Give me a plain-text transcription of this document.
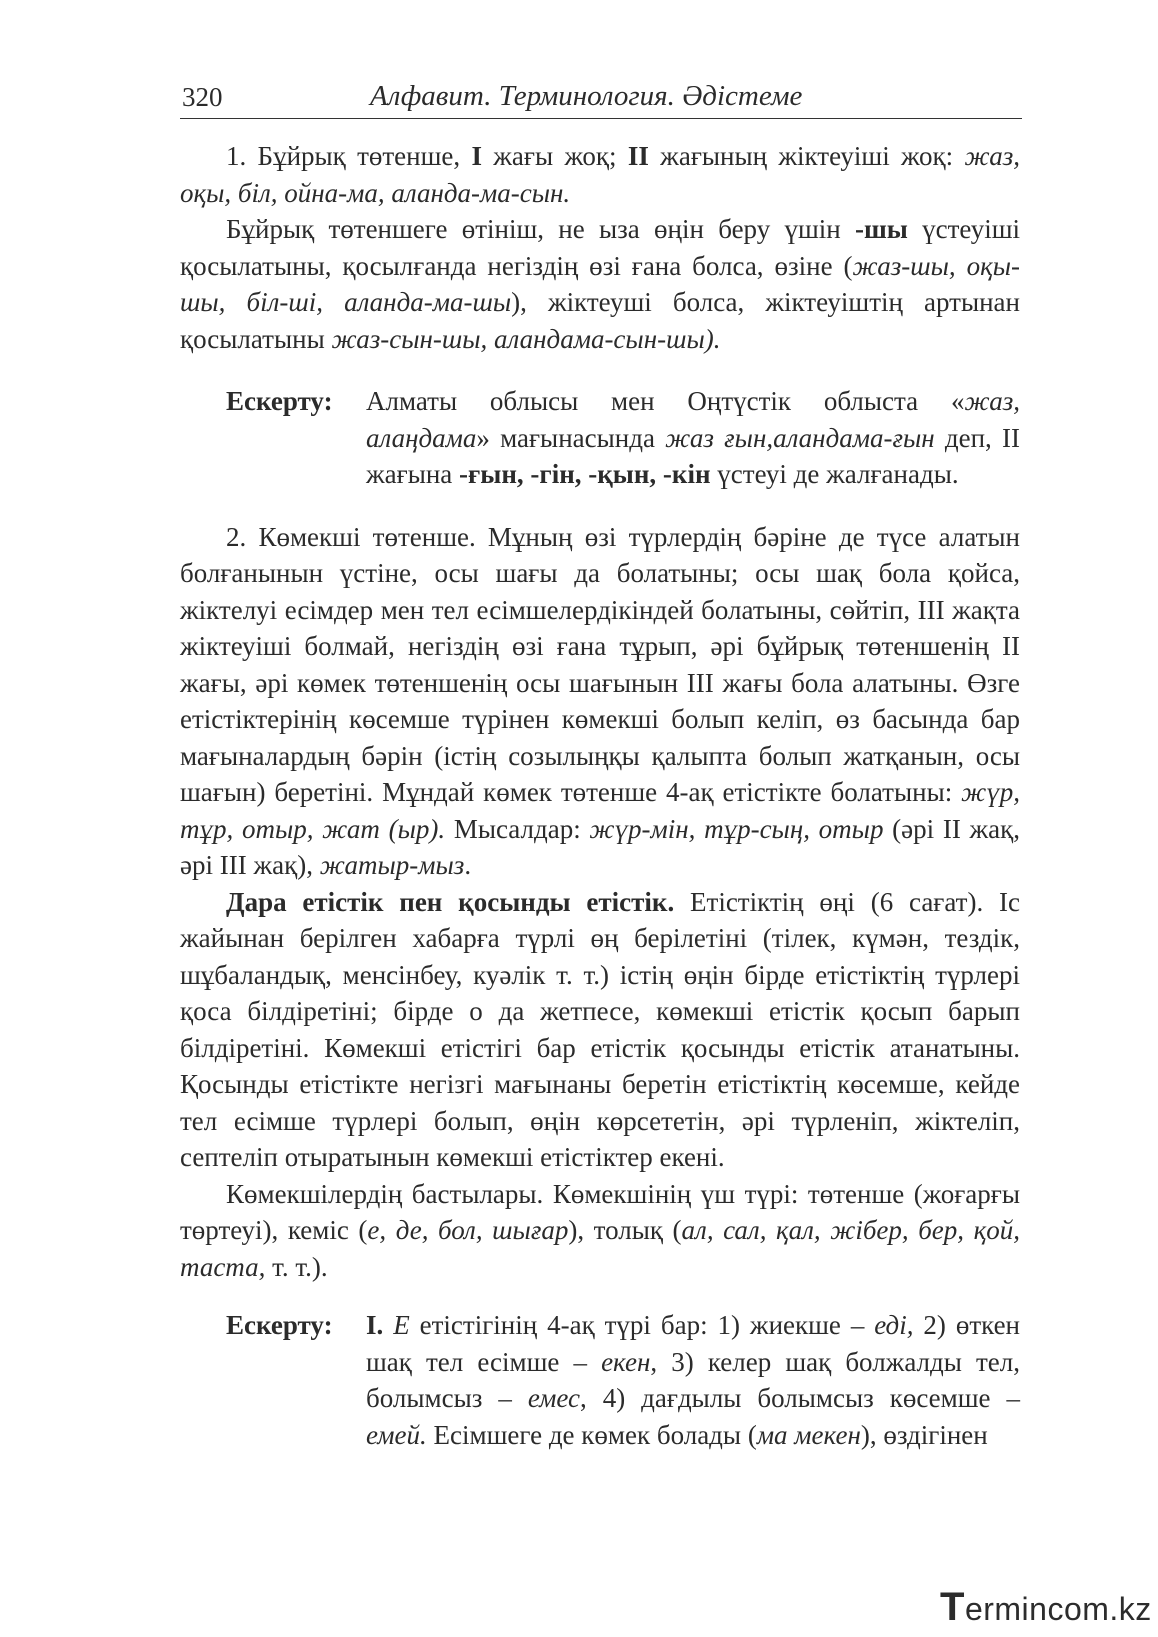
320	Алфавит. Терминология. Әдістеме

1. Бұйрық төтенше, I жағы жоқ; II жағының жіктеуіші жоқ: жаз, оқы, біл, ойна-ма, аланда-ма-сын.

Бұйрық төтеншеге өтініш, не ыза өңін беру үшін -шы үстеуіші қосылатыны, қосылғанда негіздің өзі ғана болса, өзіне (жаз-шы, оқы-шы, біл-ші, аланда-ма-шы), жіктеуші болса, жіктеуіштің артынан қосылатыны жаз-сын-шы, аландама-сын-шы).

Ескерту:	Алматы облысы мен Оңтүстік облыста «жаз, алаңдама» мағынасында жаз ғын,аландама-ғын деп, II жағына -ғын, -гін, -қын, -кін үстеуі де жалғанады.

2. Көмекші төтенше. Мұның өзі түрлердің бәріне де түсе алатын болғанынын үстіне, осы шағы да болатыны; осы шақ бола қойса, жіктелуі есімдер мен тел есімшелердікіндей болатыны, сөйтіп, III жақта жіктеуіші болмай, негіздің өзі ғана тұрып, әрі бұйрық төтеншенің II жағы, әрі көмек төтеншенің осы шағынын III жағы бола алатыны. Өзге етістіктерінің көсемше түрінен көмекші болып келіп, өз басында бар мағыналардың бәрін (істің созылыңқы қалыпта болып жатқанын, осы шағын) беретіні. Мұндай көмек төтенше 4-ақ етістікте болатыны: жүр, тұр, отыр, жат (ыр). Мысалдар: жүр-мін, тұр-сың, отыр (әрі II жақ, әрі III жақ), жатыр-мыз.

Дара етістік пен қосынды етістік. Етістіктің өңі (6 сағат). Іс жайынан берілген хабарға түрлі өң берілетіні (тілек, күмән, тездік, шұбаландық, менсінбеу, куәлік т. т.) істің өңін бірде етістіктің түрлері қоса білдіретіні; бірде о да жетпесе, көмекші етістік қосып барып білдіретіні. Көмекші етістігі бар етістік қосынды етістік атанатыны. Қосынды етістікте негізгі мағынаны беретін етістіктің көсемше, кейде тел есімше түрлері болып, өңін көрсететін, әрі түрленіп, жіктеліп, септеліп отыратынын көмекші етістіктер екені.

Көмекшілердің бастылары. Көмекшінің үш түрі: төтенше (жоғарғы төртеуі), кеміс (е, де, бол, шығар), толық (ал, сал, қал, жібер, бер, қой, таста, т. т.).

Ескерту:	І. Е етістігінің 4-ақ түрі бар: 1) жиекше – еді, 2) өткен шақ тел есімше – екен, 3) келер шақ болжалды тел, болымсыз – емес, 4) дағдылы болымсыз көсемше – емей. Есімшеге де көмек болады (ма мекен), өздігінен

Termincom.kz
